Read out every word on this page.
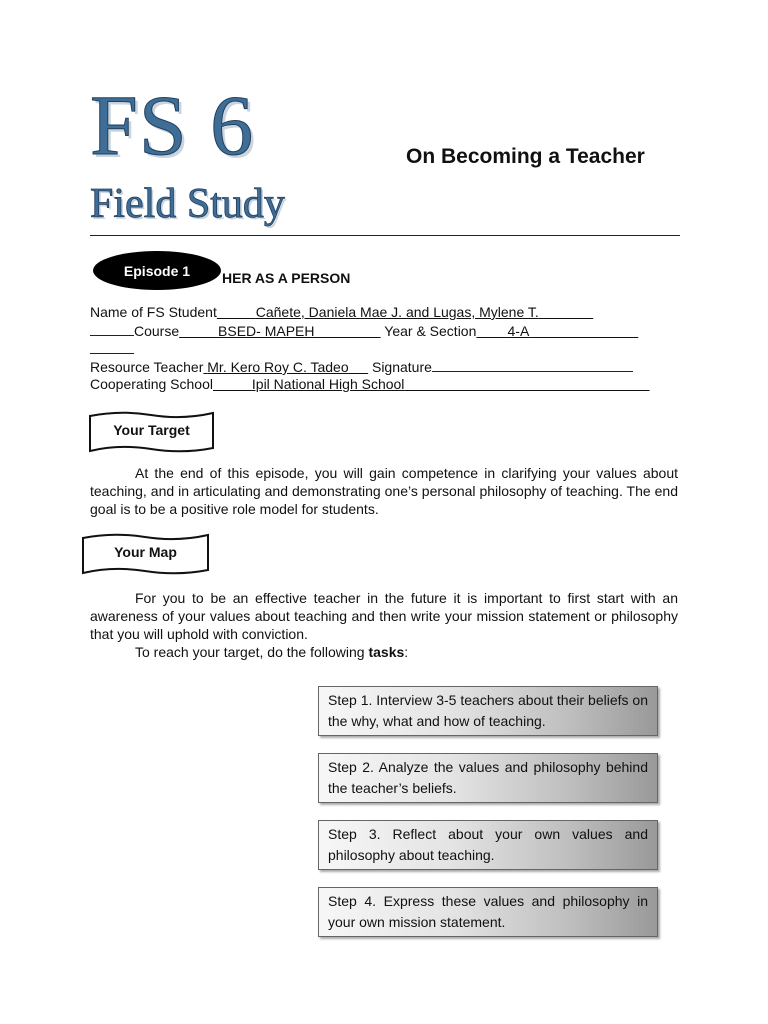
FS 6
Field Study
On Becoming a Teacher
HER AS A PERSON
Episode 1
Name of FS Student	Cañete, Daniela Mae J. and Lugas, Mylene T.
Course	BSED- MAPEH	Year & Section 4-A
Resource Teacher Mr. Kero Roy C. Tadeo Signature
Cooperating School	Ipil National High School
Your Target
At the end of this episode, you will gain competence in clarifying your values about teaching, and in articulating and demonstrating one’s personal philosophy of teaching. The end goal is to be a positive role model for students.
Your Map
For you to be an effective teacher in the future it is important to first start with an awareness of your values about teaching and then write your mission statement or philosophy that you will uphold with conviction.
To reach your target, do the following tasks:
Step 1. Interview 3-5 teachers about their beliefs on the why, what and how of teaching.
Step 2. Analyze the values and philosophy behind the teacher’s beliefs.
Step 3. Reflect about your own values and philosophy about teaching.
Step 4. Express these values and philosophy in your own mission statement.
